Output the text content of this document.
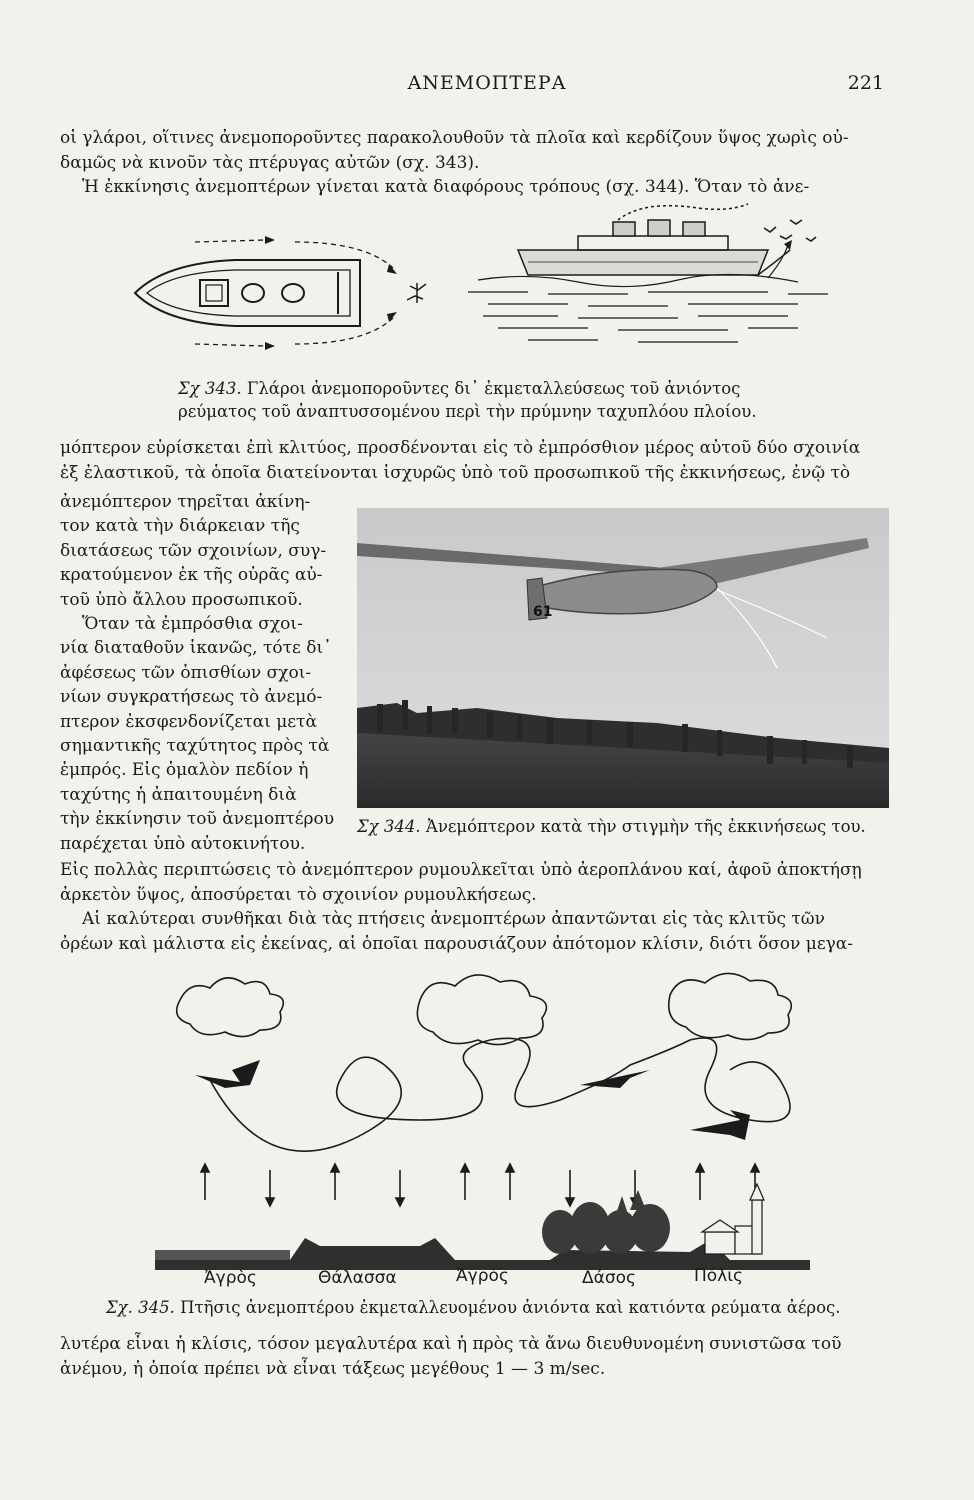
ΑΝΕΜΟΠΤΕΡΑ	221
οἱ γλάροι, οἵτινες ἀνεμοπορoῦντες παρακολουθοῦν τὰ πλοῖα καὶ κερδίζουν ὕψος χωρὶς οὐ-
δαμῶς νὰ κινοῦν τὰς πτέρυγας αὐτῶν (σχ. 343).
Ἡ ἐκκίνησις ἀνεμοπτέρων γίνεται κατὰ διαφόρους τρόπους (σχ. 344). Ὅταν τὸ ἀνε-
Σχ 343. Γλάροι ἀνεμοποροῦντες δι᾽ ἐκμεταλλεύσεως τοῦ ἀνιόντος
ρεύματος τοῦ ἀναπτυσσομένου περὶ τὴν πρύμνην ταχυπλόου πλοίου.
μόπτερον εὑρίσκεται ἐπὶ κλιτύος, προσδένονται εἰς τὸ ἐμπρόσθιον μέρος αὐτοῦ δύο σχοινία
ἐξ ἐλαστικοῦ, τὰ ὁποῖα διατείνονται ἰσχυρῶς ὑπὸ τοῦ προσωπικοῦ τῆς ἐκκινήσεως, ἐνῷ τὸ
ἀνεμόπτερον τηρεῖται ἀκίνη-
τον κατὰ τὴν διάρκειαν τῆς
διατάσεως τῶν σχοινίων, συγ-
κρατούμενον ἐκ τῆς οὐρᾶς αὐ-
τοῦ ὑπὸ ἄλλου προσωπικοῦ.
Ὅταν τὰ ἐμπρόσθια σχοι-
νία διαταθοῦν ἱκανῶς, τότε δι᾽
ἀφέσεως τῶν ὀπισθίων σχοι-
νίων συγκρατήσεως τὸ ἀνεμό-
πτερον ἐκσφενδονίζεται μετὰ
σημαντικῆς ταχύτητος πρὸς τὰ
ἐμπρός. Εἰς ὁμαλὸν πεδίον ἡ
ταχύτης ἡ ἀπαιτουμένη διὰ
τὴν ἐκκίνησιν τοῦ ἀνεμοπτέρου
παρέχεται ὑπὸ αὐτοκινήτου.
61
Σχ 344. Ἀνεμόπτερον κατὰ τὴν στιγμὴν τῆς ἐκκινήσεως του.
Εἰς πολλὰς περιπτώσεις τὸ ἀνεμόπτερον ρυμουλκεῖται ὑπὸ ἀεροπλάνου καί, ἀφοῦ ἀποκτήσῃ
ἀρκετὸν ὕψος, ἀποσύρεται τὸ σχοινίον ρυμουλκήσεως.
Αἱ καλύτεραι συνθῆκαι διὰ τὰς πτήσεις ἀνεμοπτέρων ἀπαντῶνται εἰς τὰς κλιτῦς τῶν
ὀρέων καὶ μάλιστα εἰς ἐκείνας, αἱ ὁποῖαι παρουσιάζουν ἀπότομον κλίσιν, διότι ὅσον μεγα-
Ἀγρὸς	Θάλασσα	Ἀγρὸς	Δάσος	Πόλις
Σχ. 345. Πτῆσις ἀνεμοπτέρου ἐκμεταλλευομένου ἀνιόντα καὶ κατιόντα ρεύματα ἀέρος.
λυτέρα εἶναι ἡ κλίσις, τόσον μεγαλυτέρα καὶ ἡ πρὸς τὰ ἄνω διευθυνομένη συνιστῶσα τοῦ
ἀνέμου, ἡ ὁποία πρέπει νὰ εἶναι τάξεως μεγέθους 1 — 3 m/sec.
